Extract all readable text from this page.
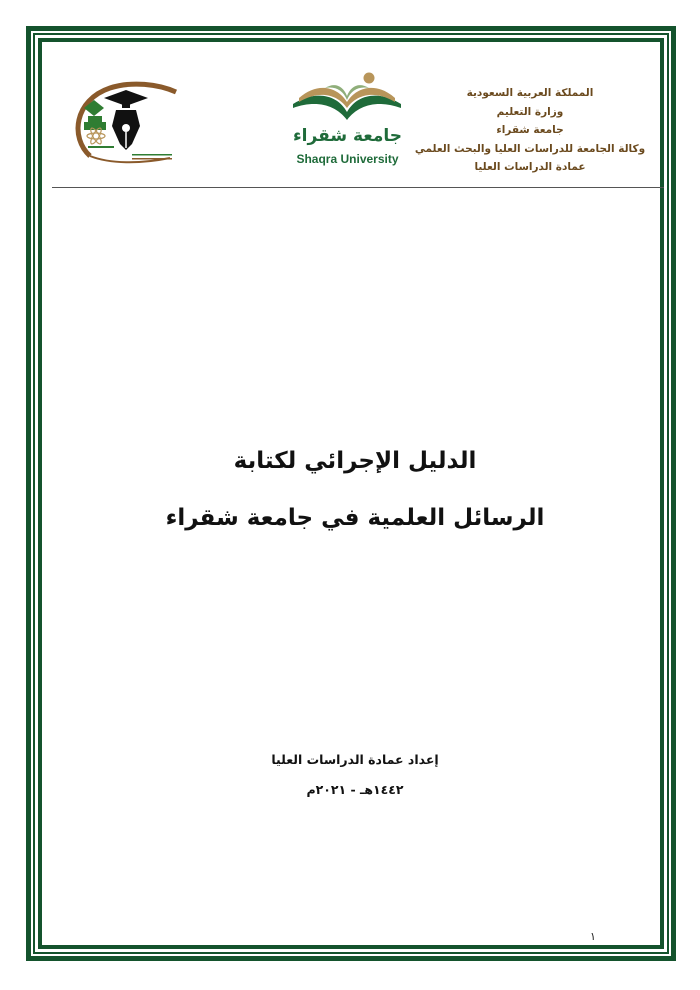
المملكة العربية السعودية
وزارة التعليم
جامعة شقراء
وكالة الجامعة للدراسات العليا والبحث العلمي
عمادة الدراسات العليا
جامعة شقراء
Shaqra University
الدليل الإجرائي لكتابة
الرسائل العلمية في جامعة شقراء
إعداد عمادة الدراسات العليا
١٤٤٢هـ - ٢٠٢١م
١
